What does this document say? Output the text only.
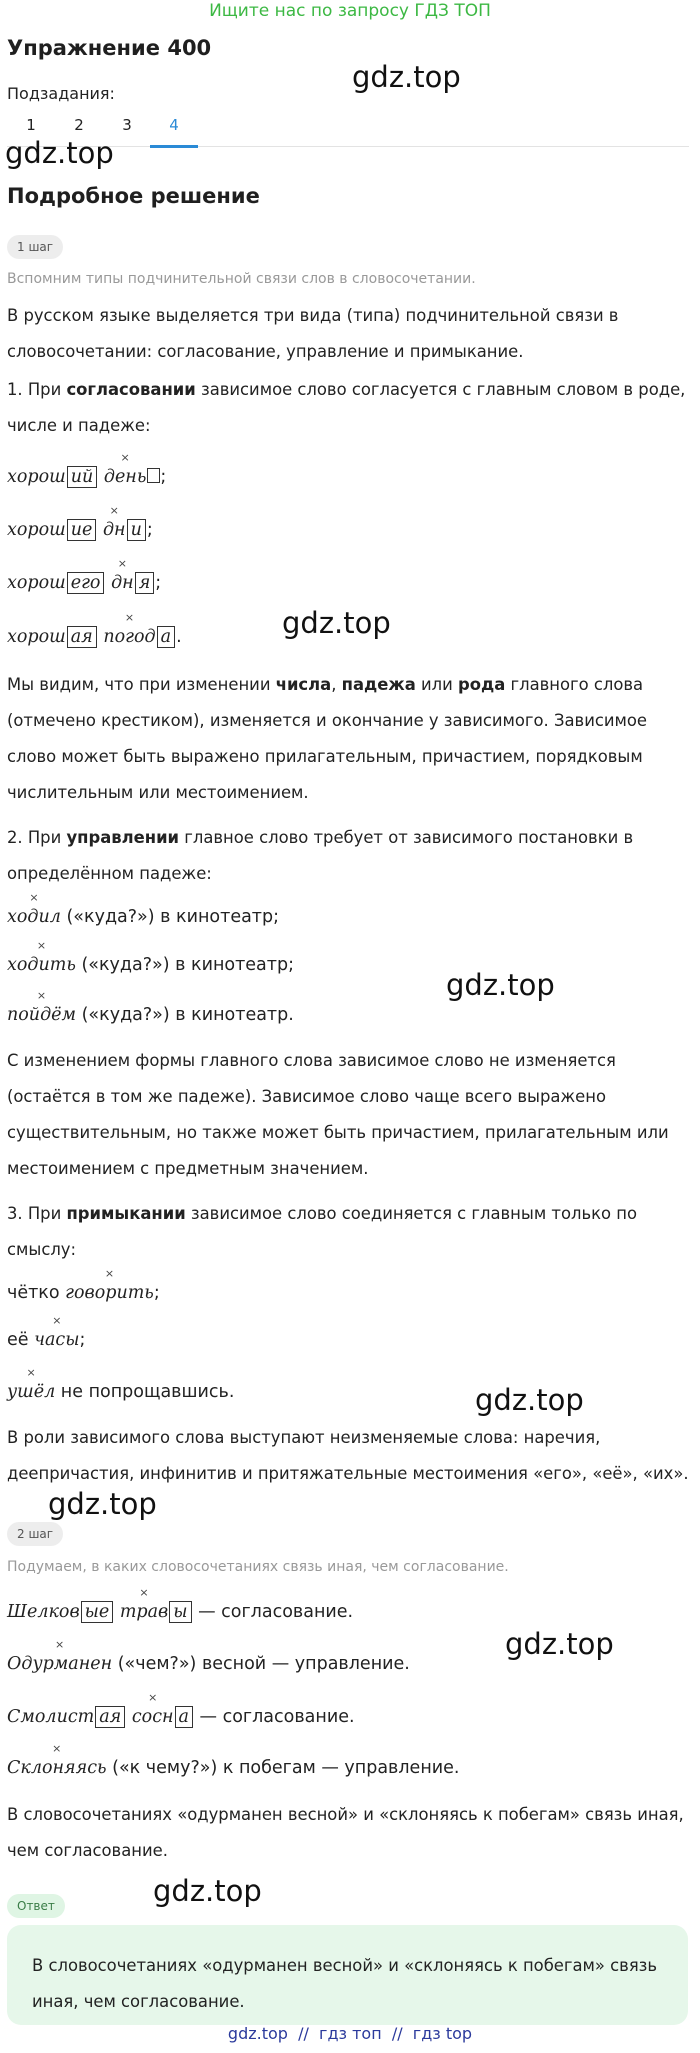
Ищите нас по запросу ГДЗ ТОП
Упражнение 400
gdz.top
Подзадания:
1	2	3	4
gdz.top
Подробное решение
1 шаг
Вспомним типы подчинительной связи слов в словосочетании.
В русском языке выделяется три вида (типа) подчинительной связи в словосочетании: согласование, управление и примыкание.
1. При согласовании зависимое слово согласуется с главным словом в роде, числе и падеже:
хорош ий × день ;
хорош ие × дн и ;
хорош его × дн я ;
хорош ая × погод а .	gdz.top
Мы видим, что при изменении числа, падежа или рода главного слова (отмечено крестиком), изменяется и окончание у зависимого. Зависимое слово может быть выражено прилагательным, причастием, порядковым числительным или местоимением.
2. При управлении главное слово требует от зависимого постановки в определённом падеже:
× ходил («куда?») в кинотеатр;
× ходить («куда?») в кинотеатр;
× пойдём («куда?») в кинотеатр.
gdz.top
С изменением формы главного слова зависимое слово не изменяется (остаётся в том же падеже). Зависимое слово чаще всего выражено существительным, но также может быть причастием, прилагательным или местоимением с предметным значением.
3. При примыкании зависимое слово соединяется с главным только по смыслу:
чётко × говорить;
её × часы;
× ушёл не попрощавшись.	gdz.top
В роли зависимого слова выступают неизменяемые слова: наречия, деепричастия, инфинитив и притяжательные местоимения «его», «её», «их».
gdz.top
2 шаг
Подумаем, в каких словосочетаниях связь иная, чем согласование.
Шелков ые × трав ы — согласование.
× Одурманен («чем?») весной — управление.
Смолист ая × сосн а — согласование.
× Склоняясь («к чему?») к побегам — управление.
gdz.top
В словосочетаниях «одурманен весной» и «склоняясь к побегам» связь иная, чем согласование.
gdz.top
Ответ
В словосочетаниях «одурманен весной» и «склоняясь к побегам» связь иная, чем согласование.
gdz.top  //  гдз топ  //  гдз top
